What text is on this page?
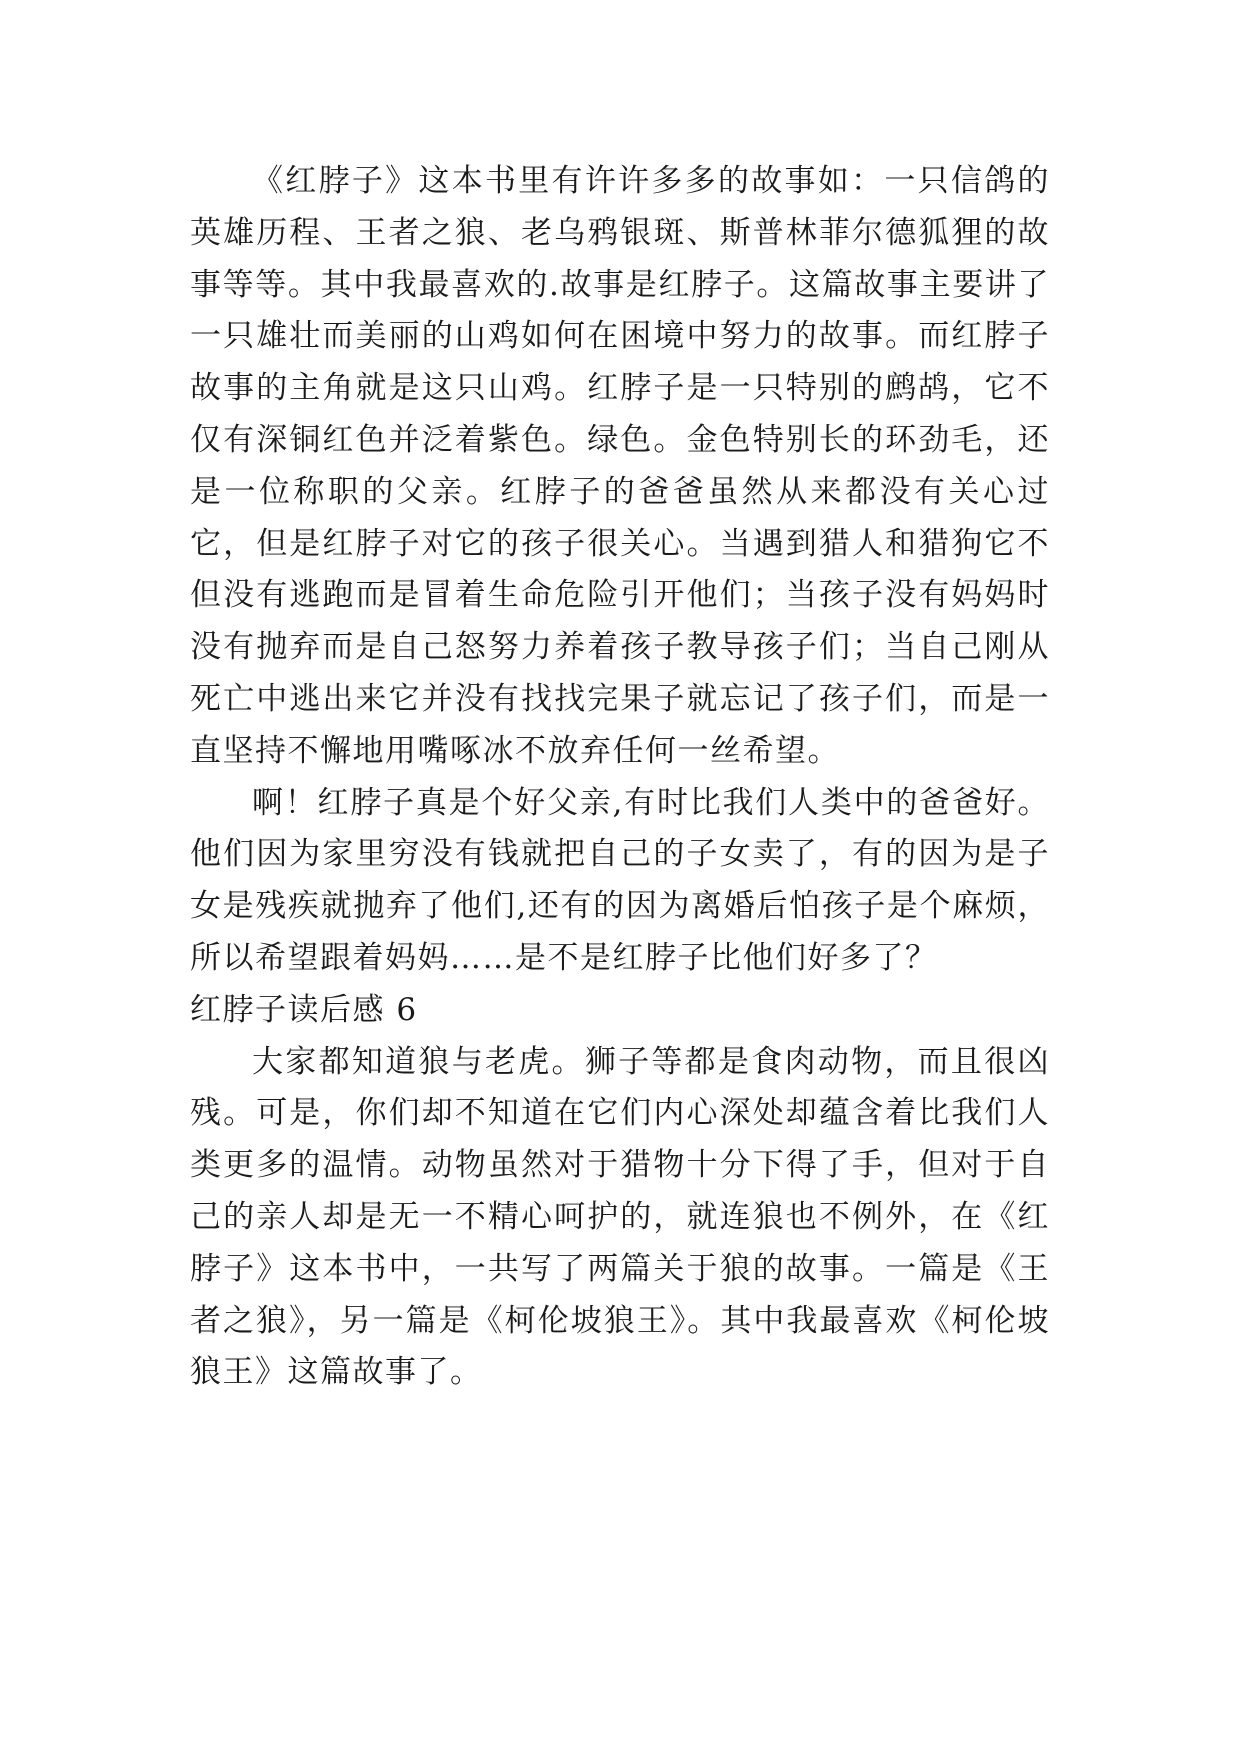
《红脖子》这本书里有许许多多的故事如：一只信鸽的英雄历程、王者之狼、老乌鸦银斑、斯普林菲尔德狐狸的故事等等。其中我最喜欢的.故事是红脖子。这篇故事主要讲了一只雄壮而美丽的山鸡如何在困境中努力的故事。而红脖子故事的主角就是这只山鸡。红脖子是一只特别的鹧鸪，它不仅有深铜红色并泛着紫色。绿色。金色特别长的环劲毛，还是一位称职的父亲。红脖子的爸爸虽然从来都没有关心过它，但是红脖子对它的孩子很关心。当遇到猎人和猎狗它不但没有逃跑而是冒着生命危险引开他们；当孩子没有妈妈时没有抛弃而是自己怒努力养着孩子教导孩子们；当自己刚从死亡中逃出来它并没有找找完果子就忘记了孩子们，而是一直坚持不懈地用嘴啄冰不放弃任何一丝希望。

啊！红脖子真是个好父亲,有时比我们人类中的爸爸好。他们因为家里穷没有钱就把自己的子女卖了，有的因为是子女是残疾就抛弃了他们,还有的因为离婚后怕孩子是个麻烦，所以希望跟着妈妈……是不是红脖子比他们好多了？

红脖子读后感 6

大家都知道狼与老虎。狮子等都是食肉动物，而且很凶残。可是，你们却不知道在它们内心深处却蕴含着比我们人类更多的温情。动物虽然对于猎物十分下得了手，但对于自己的亲人却是无一不精心呵护的，就连狼也不例外，在《红脖子》这本书中，一共写了两篇关于狼的故事。一篇是《王者之狼》，另一篇是《柯伦坡狼王》。其中我最喜欢《柯伦坡狼王》这篇故事了。
